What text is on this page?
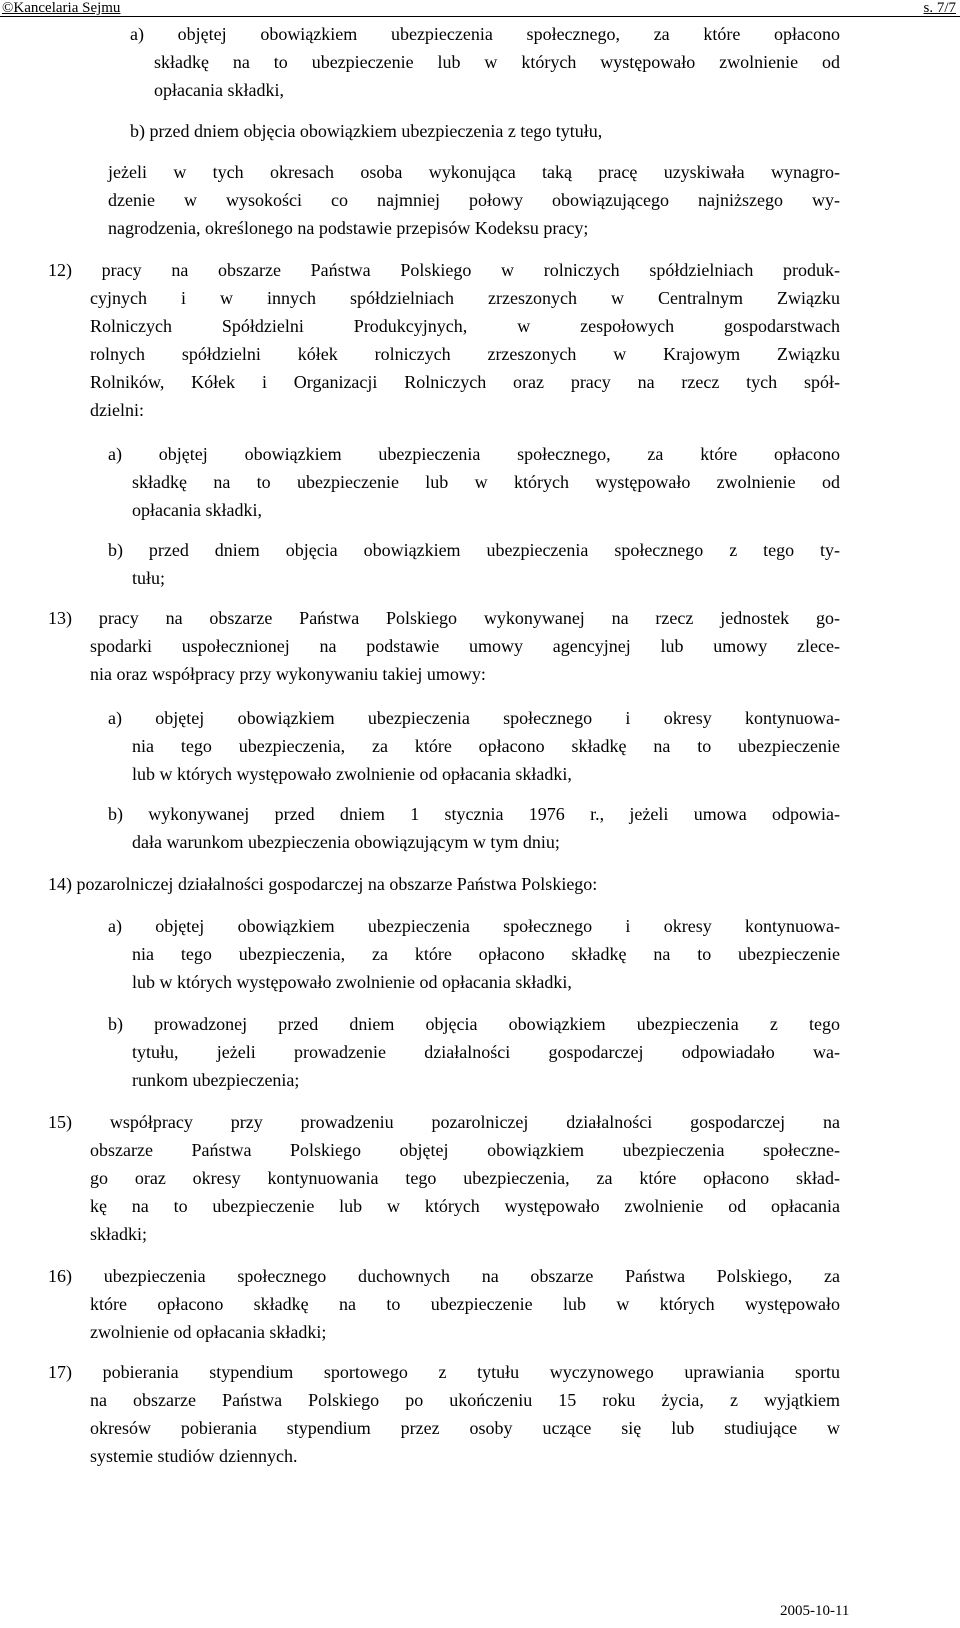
©Kancelaria Sejmu	s. 7/7
a) objętej obowiązkiem ubezpieczenia społecznego, za które opłacono
składkę na to ubezpieczenie lub w których występowało zwolnienie od
opłacania składki,
b) przed dniem objęcia obowiązkiem ubezpieczenia z tego tytułu,
jeżeli w tych okresach osoba wykonująca taką pracę uzyskiwała wynagro-
dzenie w wysokości co najmniej połowy obowiązującego najniższego wy-
nagrodzenia, określonego na podstawie przepisów Kodeksu pracy;
12) pracy na obszarze Państwa Polskiego w rolniczych spółdzielniach produk-
cyjnych i w innych spółdzielniach zrzeszonych w Centralnym Związku
Rolniczych Spółdzielni Produkcyjnych, w zespołowych gospodarstwach
rolnych spółdzielni kółek rolniczych zrzeszonych w Krajowym Związku
Rolników, Kółek i Organizacji Rolniczych oraz pracy na rzecz tych spół-
dzielni:
a) objętej obowiązkiem ubezpieczenia społecznego, za które opłacono
składkę na to ubezpieczenie lub w których występowało zwolnienie od
opłacania składki,
b) przed dniem objęcia obowiązkiem ubezpieczenia społecznego z tego ty-
tułu;
13) pracy na obszarze Państwa Polskiego wykonywanej na rzecz jednostek go-
spodarki uspołecznionej na podstawie umowy agencyjnej lub umowy zlece-
nia oraz współpracy przy wykonywaniu takiej umowy:
a) objętej obowiązkiem ubezpieczenia społecznego i okresy kontynuowa-
nia tego ubezpieczenia, za które opłacono składkę na to ubezpieczenie
lub w których występowało zwolnienie od opłacania składki,
b) wykonywanej przed dniem 1 stycznia 1976 r., jeżeli umowa odpowia-
dała warunkom ubezpieczenia obowiązującym w tym dniu;
14) pozarolniczej działalności gospodarczej na obszarze Państwa Polskiego:
a) objętej obowiązkiem ubezpieczenia społecznego i okresy kontynuowa-
nia tego ubezpieczenia, za które opłacono składkę na to ubezpieczenie
lub w których występowało zwolnienie od opłacania składki,
b) prowadzonej przed dniem objęcia obowiązkiem ubezpieczenia z tego
tytułu, jeżeli prowadzenie działalności gospodarczej odpowiadało wa-
runkom ubezpieczenia;
15) współpracy przy prowadzeniu pozarolniczej działalności gospodarczej na
obszarze Państwa Polskiego objętej obowiązkiem ubezpieczenia społeczne-
go oraz okresy kontynuowania tego ubezpieczenia, za które opłacono skład-
kę na to ubezpieczenie lub w których występowało zwolnienie od opłacania
składki;
16) ubezpieczenia społecznego duchownych na obszarze Państwa Polskiego, za
które opłacono składkę na to ubezpieczenie lub w których występowało
zwolnienie od opłacania składki;
17) pobierania stypendium sportowego z tytułu wyczynowego uprawiania sportu
na obszarze Państwa Polskiego po ukończeniu 15 roku życia, z wyjątkiem
okresów pobierania stypendium przez osoby uczące się lub studiujące w
systemie studiów dziennych.
2005-10-11
